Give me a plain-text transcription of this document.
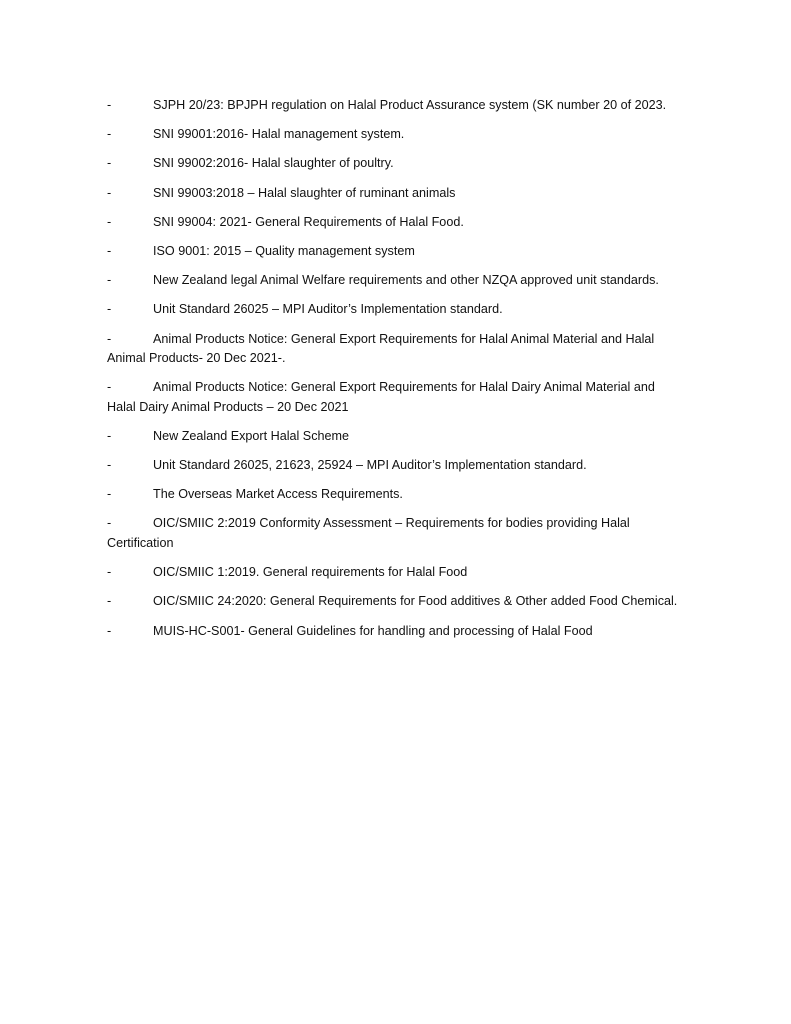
-	SJPH 20/23: BPJPH regulation on Halal Product Assurance system (SK number 20 of 2023.
-	SNI 99001:2016- Halal management system.
-	SNI 99002:2016- Halal slaughter of poultry.
-	SNI 99003:2018 – Halal slaughter of ruminant animals
-	SNI 99004: 2021- General Requirements of Halal Food.
-	ISO 9001: 2015 – Quality management system
-	New Zealand legal Animal Welfare requirements and other NZQA approved unit standards.
-	Unit Standard 26025 – MPI Auditor’s Implementation standard.
-	Animal Products Notice: General Export Requirements for Halal Animal Material and Halal Animal Products- 20 Dec 2021-.
-	Animal Products Notice: General Export Requirements for Halal Dairy Animal Material and Halal Dairy Animal Products – 20 Dec 2021
-	New Zealand Export Halal Scheme
-	Unit Standard 26025, 21623, 25924 – MPI Auditor’s Implementation standard.
-	The Overseas Market Access Requirements.
-	OIC/SMIIC 2:2019 Conformity Assessment – Requirements for bodies providing Halal Certification
-	OIC/SMIIC 1:2019. General requirements for Halal Food
-	OIC/SMIIC 24:2020: General Requirements for Food additives & Other added Food Chemical.
-	MUIS-HC-S001- General Guidelines for handling and processing of Halal Food
